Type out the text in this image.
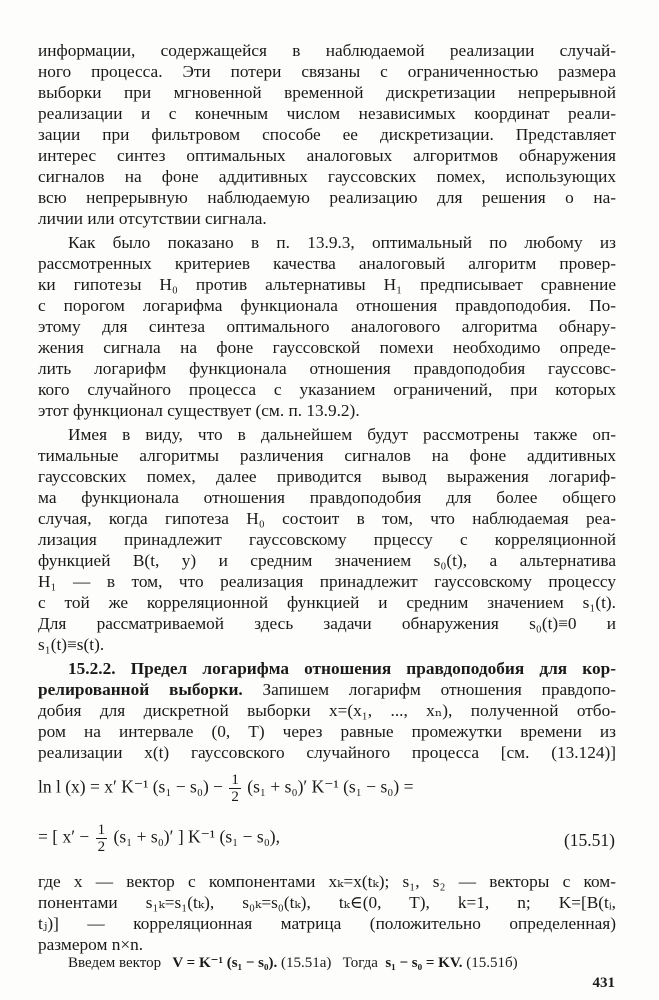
информации, содержащейся в наблюдаемой реализации случай-
ного процесса. Эти потери связаны с ограниченностью размера
выборки при мгновенной временной дискретизации непрерывной
реализации и с конечным числом независимых координат реали-
зации при фильтровом способе ее дискретизации. Представляет
интерес синтез оптимальных аналоговых алгоритмов обнаружения
сигналов на фоне аддитивных гауссовских помех, использующих
всю непрерывную наблюдаемую реализацию для решения о на-
личии или отсутствии сигнала.
Как было показано в п. 13.9.3, оптимальный по любому из
рассмотренных критериев качества аналоговый алгоритм провер-
ки гипотезы H₀ против альтернативы H₁ предписывает сравнение
с порогом логарифма функционала отношения правдоподобия. По-
этому для синтеза оптимального аналогового алгоритма обнару-
жения сигнала на фоне гауссовской помехи необходимо опреде-
лить логарифм функционала отношения правдоподобия гауссовс-
кого случайного процесса с указанием ограничений, при которых
этот функционал существует (см. п. 13.9.2).
Имея в виду, что в дальнейшем будут рассмотрены также оп-
тимальные алгоритмы различения сигналов на фоне аддитивных
гауссовских помех, далее приводится вывод выражения логариф-
ма функционала отношения правдоподобия для более общего
случая, когда гипотеза H₀ состоит в том, что наблюдаемая реа-
лизация принадлежит гауссовскому прцессу с корреляционной
функцией B(t, y) и средним значением s₀(t), а альтернатива
H₁ — в том, что реализация принадлежит гауссовскому процессу
с той же корреляционной функцией и средним значением s₁(t).
Для рассматриваемой здесь задачи обнаружения s₀(t)≡0 и
s₁(t)≡s(t).
15.2.2. Предел логарифма отношения правдоподобия для кор-
релированной выборки. Запишем логарифм отношения правдопо-
добия для дискретной выборки x=(x₁, ..., xₙ), полученной отбо-
ром на интервале (0, T) через равные промежутки времени из
реализации x(t) гауссовского случайного процесса [см. (13.124)]
ln l (x) = x′ K⁻¹ $(s_1 - s_0) - \frac{1}{2} (s_1 + s_0)'$ K⁻¹ (s₁ − s₀) =
= [ $x' - \frac{1}{2} (s_1 + s_0)'$ ] K⁻¹ (s₁ − s₀),	(15.51)
где x — вектор с компонентами xₖ=x(tₖ); s₁, s₂ — векторы с ком-
понентами s₁ₖ=s₁(tₖ), s₀ₖ=s₀(tₖ), tₖ∈(0, T), k=1, n; K=[B(tᵢ,
tⱼ)] — корреляционная матрица (положительно определенная)
размером n×n.
Введем вектор V = K⁻¹ (s₁ − s₀). (15.51а) Тогда s₁ − s₀ = KV. (15.51б)
431
